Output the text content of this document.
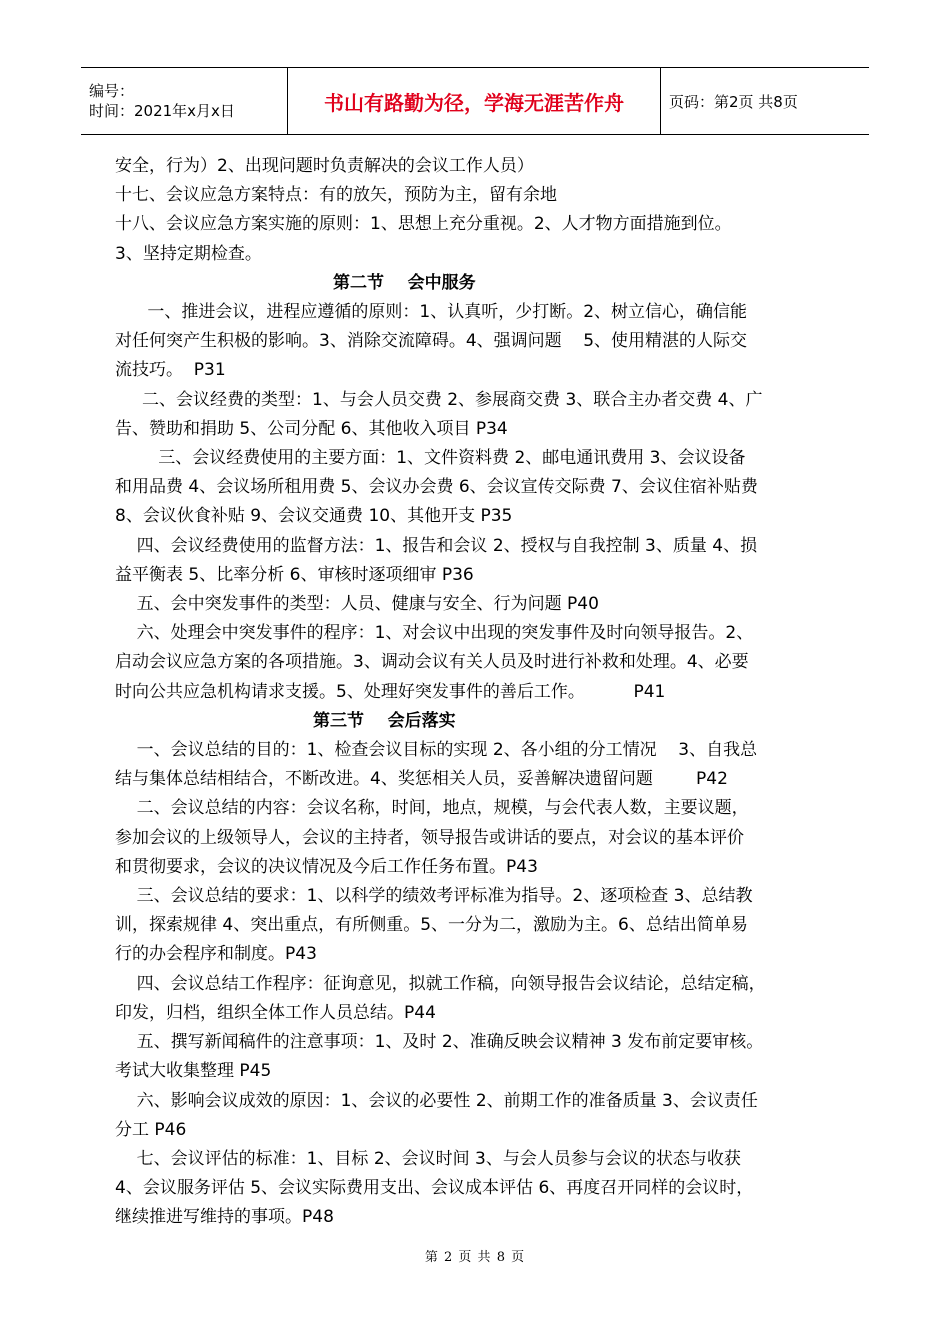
编号：
时间：2021年x月x日	书山有路勤为径，学海无涯苦作舟	页码：第2页 共8页

安全，行为）2、出现问题时负责解决的会议工作人员）

十七、会议应急方案特点：有的放矢，预防为主，留有余地

十八、会议应急方案实施的原则：1、思想上充分重视。2、人才物方面措施到位。

3、坚持定期检查。

第二节    会中服务

一、推进会议，进程应遵循的原则：1、认真听，少打断。2、树立信心，确信能

对任何突产生积极的影响。3、消除交流障碍。4、强调问题    5、使用精湛的人际交

流技巧。  P31

二、会议经费的类型：1、与会人员交费 2、参展商交费 3、联合主办者交费 4、广

告、赞助和捐助 5、公司分配 6、其他收入项目 P34

三、会议经费使用的主要方面：1、文件资料费 2、邮电通讯费用 3、会议设备

和用品费 4、会议场所租用费 5、会议办会费 6、会议宣传交际费 7、会议住宿补贴费

8、会议伙食补贴 9、会议交通费 10、其他开支 P35

四、会议经费使用的监督方法：1、报告和会议 2、授权与自我控制 3、质量 4、损

益平衡表 5、比率分析 6、审核时逐项细审 P36

五、会中突发事件的类型：人员、健康与安全、行为问题 P40

六、处理会中突发事件的程序：1、对会议中出现的突发事件及时向领导报告。2、

启动会议应急方案的各项措施。3、调动会议有关人员及时进行补救和处理。4、必要

时向公共应急机构请求支援。5、处理好突发事件的善后工作。         P41

第三节    会后落实

一、会议总结的目的：1、检查会议目标的实现 2、各小组的分工情况    3、自我总

结与集体总结相结合，不断改进。4、奖惩相关人员，妥善解决遗留问题        P42

二、会议总结的内容：会议名称，时间，地点，规模，与会代表人数，主要议题，

参加会议的上级领导人，会议的主持者，领导报告或讲话的要点，对会议的基本评价

和贯彻要求，会议的决议情况及今后工作任务布置。P43

三、会议总结的要求：1、以科学的绩效考评标准为指导。2、逐项检查 3、总结教

训，探索规律 4、突出重点，有所侧重。5、一分为二，激励为主。6、总结出简单易

行的办会程序和制度。P43

四、会议总结工作程序：征询意见，拟就工作稿，向领导报告会议结论，总结定稿，

印发，归档，组织全体工作人员总结。P44

五、撰写新闻稿件的注意事项：1、及时 2、准确反映会议精神 3 发布前定要审核。

考试大收集整理 P45

六、影响会议成效的原因：1、会议的必要性 2、前期工作的准备质量 3、会议责任

分工 P46

七、会议评估的标准：1、目标 2、会议时间 3、与会人员参与会议的状态与收获

4、会议服务评估 5、会议实际费用支出、会议成本评估 6、再度召开同样的会议时，

继续推进写维持的事项。P48

第 2 页 共 8 页
